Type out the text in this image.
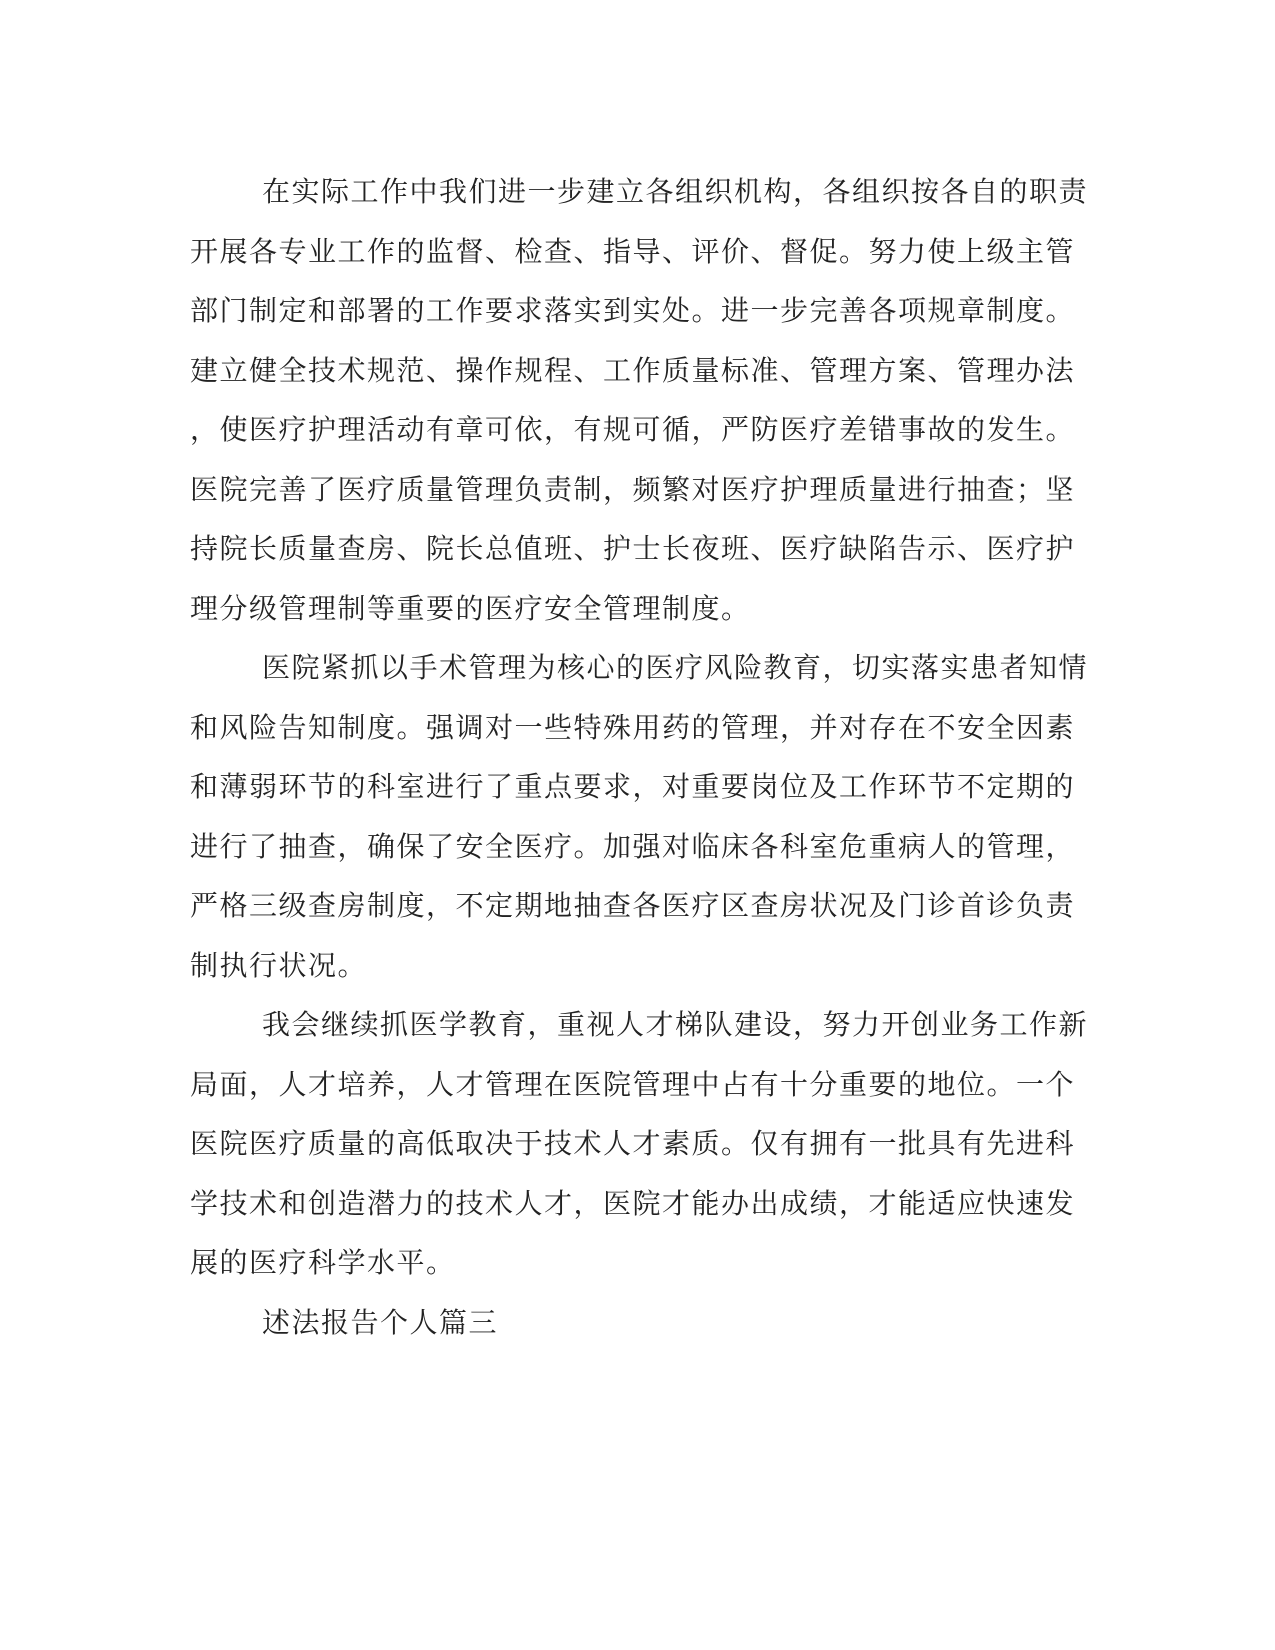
在实际工作中我们进一步建立各组织机构，各组织按各自的职责
开展各专业工作的监督、检查、指导、评价、督促。努力使上级主管
部门制定和部署的工作要求落实到实处。进一步完善各项规章制度。
建立健全技术规范、操作规程、工作质量标准、管理方案、管理办法
，使医疗护理活动有章可依，有规可循，严防医疗差错事故的发生。
医院完善了医疗质量管理负责制，频繁对医疗护理质量进行抽查；坚
持院长质量查房、院长总值班、护士长夜班、医疗缺陷告示、医疗护
理分级管理制等重要的医疗安全管理制度。
医院紧抓以手术管理为核心的医疗风险教育，切实落实患者知情
和风险告知制度。强调对一些特殊用药的管理，并对存在不安全因素
和薄弱环节的科室进行了重点要求，对重要岗位及工作环节不定期的
进行了抽查，确保了安全医疗。加强对临床各科室危重病人的管理，
严格三级查房制度，不定期地抽查各医疗区查房状况及门诊首诊负责
制执行状况。
我会继续抓医学教育，重视人才梯队建设，努力开创业务工作新
局面，人才培养，人才管理在医院管理中占有十分重要的地位。一个
医院医疗质量的高低取决于技术人才素质。仅有拥有一批具有先进科
学技术和创造潜力的技术人才，医院才能办出成绩，才能适应快速发
展的医疗科学水平。
述法报告个人篇三
